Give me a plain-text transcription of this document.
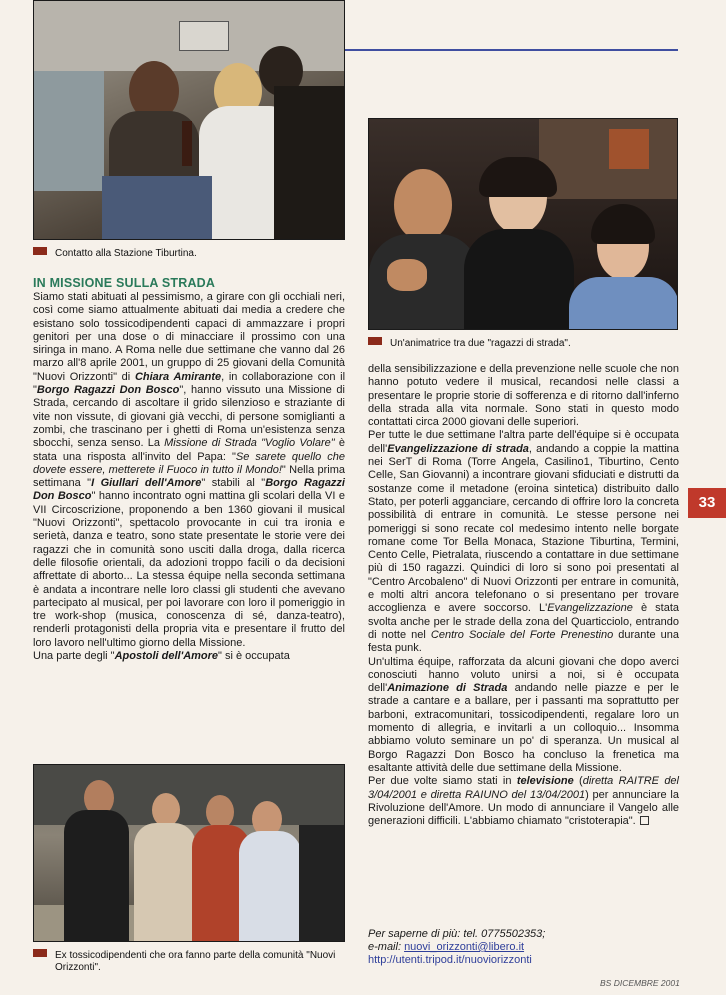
Contatto alla Stazione Tiburtina.
Un'animatrice tra due "ragazzi di strada".
IN MISSIONE SULLA STRADA

Siamo stati abituati al pessimismo, a girare con gli occhiali neri, così come siamo attualmente abituati dai media a credere che esistano solo tossicodipendenti capaci di ammazzare i propri genitori per una dose o di minacciare il prossimo con una siringa in mano. A Roma nelle due settimane che vanno dal 26 marzo all'8 aprile 2001, un gruppo di 25 giovani della Comunità "Nuovi Orizzonti" di Chiara Amirante, in collaborazione con il "Borgo Ragazzi Don Bosco", hanno vissuto una Missione di Strada, cercando di ascoltare il grido silenzioso e straziante di vite non vissute, di giovani già vecchi, di persone somiglianti a zombi, che trascinano per i ghetti di Roma un'esistenza senza sbocchi, senza senso. La Missione di Strada "Voglio Volare" è stata una risposta all'invito del Papa: "Se sarete quello che dovete essere, metterete il Fuoco in tutto il Mondo!" Nella prima settimana "I Giullari dell'Amore" stabili al "Borgo Ragazzi Don Bosco" hanno incontrato ogni mattina gli scolari della VI e VII Circoscrizione, proponendo a ben 1360 giovani il musical "Nuovi Orizzonti", spettacolo provocante in cui tra ironia e serietà, danza e teatro, sono state presentate le storie vere dei ragazzi che in comunità sono usciti dalla droga, dalla ricerca delle filosofie orientali, da adozioni troppo facili o da decisioni affrettate di aborto... La stessa équipe nella seconda settimana è andata a incontrare nelle loro classi gli studenti che avevano partecipato al musical, per poi lavorare con loro il pomeriggio in tre work-shop (musica, conoscenza di sé, danza-teatro), renderli protagonisti della propria vita e presentare il frutto del loro lavoro nell'ultimo giorno della Missione.

Una parte degli "Apostoli dell'Amore" si è occupata

Ex tossicodipendenti che ora fanno parte della comunità "Nuovi Orizzonti".

della sensibilizzazione e della prevenzione nelle scuole che non hanno potuto vedere il musical, recandosi nelle classi a presentare le proprie storie di sofferenza e di ritorno dall'inferno della strada alla vita normale. Sono stati in questo modo contattati circa 2000 giovani delle superiori.

Per tutte le due settimane l'altra parte dell'équipe si è occupata dell'Evangelizzazione di strada, andando a coppie la mattina nei SerT di Roma (Torre Angela, Casilino1, Tiburtino, Cento Celle, San Giovanni) a incontrare giovani sfiduciati e distrutti da sostanze come il metadone (eroina sintetica) distribuito dallo Stato, per poterli agganciare, cercando di offrire loro la concreta possibilità di entrare in comunità. Le stesse persone nei pomeriggi si sono recate col medesimo intento nelle borgate romane come Tor Bella Monaca, Stazione Tiburtina, Termini, Cento Celle, Pietralata, riuscendo a contattare in due settimane più di 150 ragazzi. Quindici di loro si sono poi presentati al "Centro Arcobaleno" di Nuovi Orizzonti per entrare in comunità, e molti altri ancora telefonano o si presentano per trovare accoglienza e avere soccorso. L'Evangelizzazione è stata svolta anche per le strade della zona del Quarticciolo, entrando di notte nel Centro Sociale del Forte Prenestino durante una festa punk.

Un'ultima équipe, rafforzata da alcuni giovani che dopo averci conosciuti hanno voluto unirsi a noi, si è occupata dell'Animazione di Strada andando nelle piazze e per le strade a cantare e a ballare, per i passanti ma soprattutto per barboni, extracomunitari, tossicodipendenti, regalare loro un momento di allegria, e invitarli a un colloquio... Insomma abbiamo voluto seminare un po' di speranza. Un musical al Borgo Ragazzi Don Bosco ha concluso la frenetica ma esaltante attività delle due settimane della Missione.

Per due volte siamo stati in televisione (diretta RAITRE del 3/04/2001 e diretta RAIUNO del 13/04/2001) per annunciare la Rivoluzione dell'Amore. Un modo di annunciare il Vangelo alle generazioni difficili. L'abbiamo chiamato "cristoterapia".

Per saperne di più: tel. 0775502353;
e-mail: nuovi_orizzonti@libero.it
http://utenti.tripod.it/nuoviorizzonti
33
BS DICEMBRE 2001
